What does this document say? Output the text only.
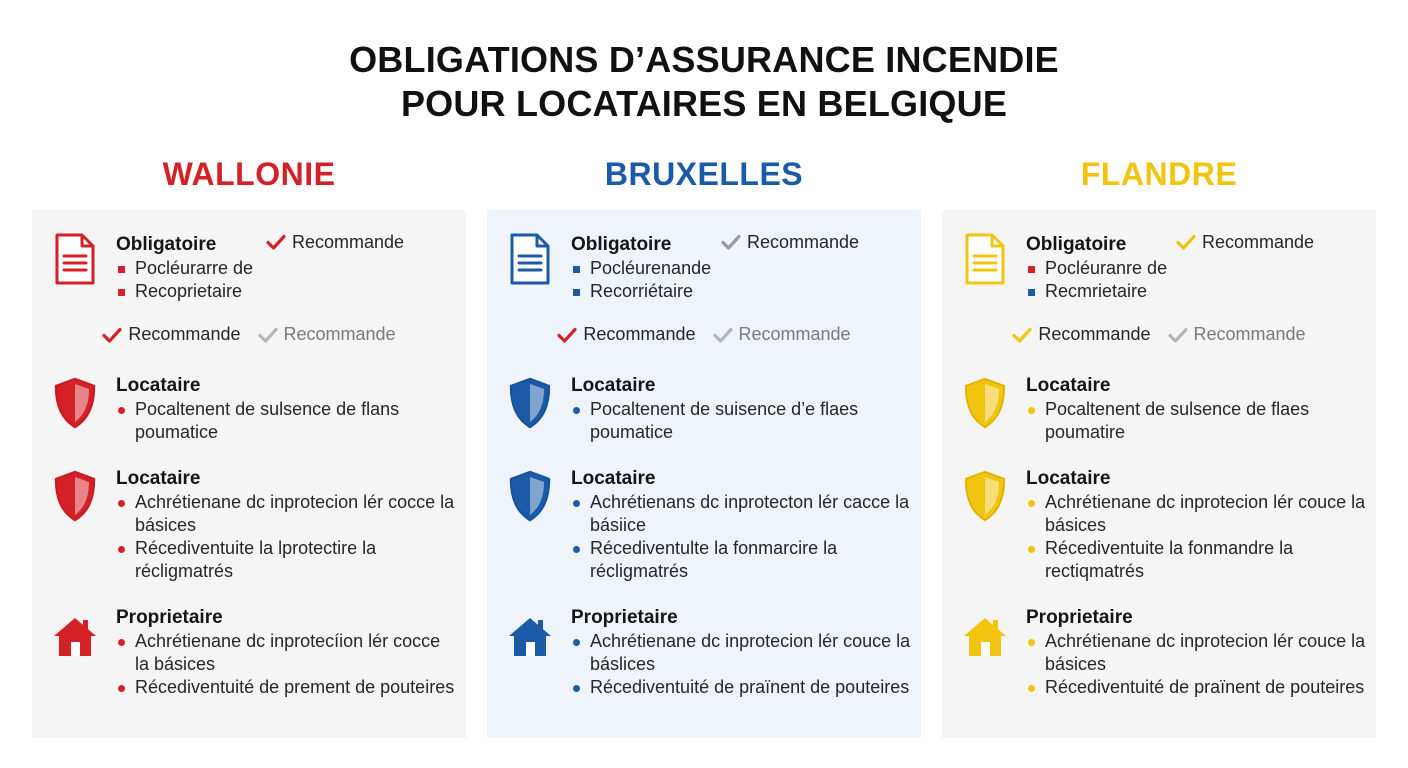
OBLIGATIONS D’ASSURANCE INCENDIE
POUR LOCATAIRES EN BELGIQUE
WALLONIE
Obligatoire	Recommande
Pocléurarre de
Recoprietaire
Recommande
Recommande
Locataire
Pocaltenent de sulsence de flans poumatice
Locataire
Achrétienane dc inprotecion lér cocce la básices
Récediventuite la lprotectire la récligmatrés
Proprietaire
Achrétienane dc inprotecíion lér cocce la básices
Récediventuité de prement de pouteires
BRUXELLES
Obligatoire	Recommande
Pocléurenande
Recorriétaire
Recommande
Recommande
Locataire
Pocaltenent de suisence d’e flaes poumatice
Locataire
Achrétienans dc inprotecton lér cacce la básiice
Récediventulte la fonmarcire la récligmatrés
Proprietaire
Achrétienane dc inprotecion lér couce la báslices
Récediventuité de praïnent de pouteires
FLANDRE
Obligatoire	Recommande
Pocléuranre de
Recmrietaire
Recommande
Recommande
Locataire
Pocaltenent de sulsence de flaes poumatire
Locataire
Achrétienane dc inprotecion lér couce la básices
Récediventuite la fonmandre la rectiqmatrés
Proprietaire
Achrétienane dc inprotecion lér couce la básices
Récediventuité de praïnent de pouteires
